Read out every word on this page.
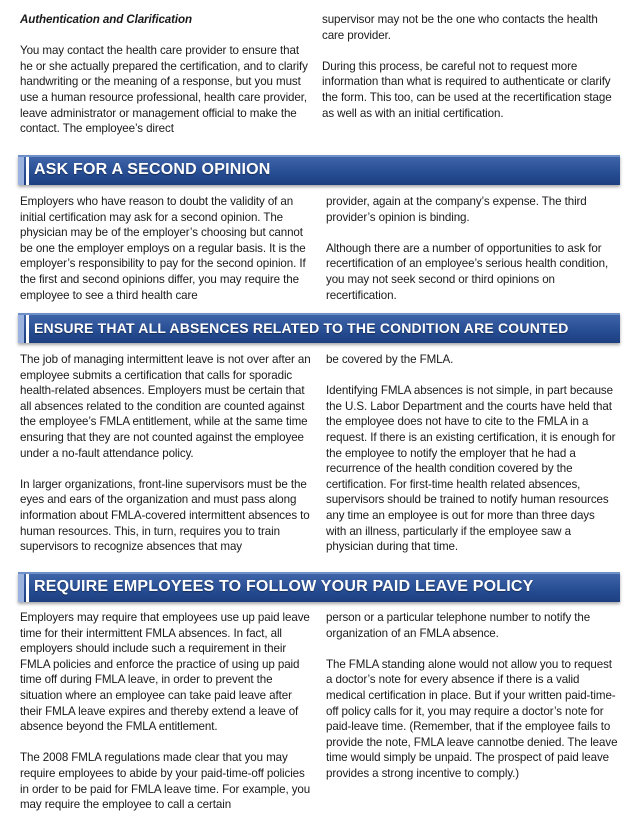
Authentication and Clarification

You may contact the health care provider to ensure that he or she actually prepared the certification, and to clarify handwriting or the meaning of a response, but you must use a human resource professional, health care provider, leave administrator or management official to make the contact. The employee’s direct

supervisor may not be the one who contacts the health care provider.

During this process, be careful not to request more information than what is required to authenticate or clarify the form. This too, can be used at the recertification stage as well as with an initial certification.

ASK FOR A SECOND OPINION

Employers who have reason to doubt the validity of an initial certification may ask for a second opinion. The physician may be of the employer’s choosing but cannot be one the employer employs on a regular basis. It is the employer’s responsibility to pay for the second opinion. If the first and second opinions differ, you may require the employee to see a third health care

provider, again at the company’s expense. The third provider’s opinion is binding.

Although there are a number of opportunities to ask for recertification of an employee’s serious health condition, you may not seek second or third opinions on recertification.

ENSURE THAT ALL ABSENCES RELATED TO THE CONDITION ARE COUNTED

The job of managing intermittent leave is not over after an employee submits a certification that calls for sporadic health-related absences. Employers must be certain that all absences related to the condition are counted against the employee’s FMLA entitlement, while at the same time ensuring that they are not counted against the employee under a no-fault attendance policy.

In larger organizations, front-line supervisors must be the eyes and ears of the organization and must pass along information about FMLA-covered intermittent absences to human resources. This, in turn, requires you to train supervisors to recognize absences that may

be covered by the FMLA.

Identifying FMLA absences is not simple, in part because the U.S. Labor Department and the courts have held that the employee does not have to cite to the FMLA in a request. If there is an existing certification, it is enough for the employee to notify the employer that he had a recurrence of the health condition covered by the certification. For first-time health related absences, supervisors should be trained to notify human resources any time an employee is out for more than three days with an illness, particularly if the employee saw a physician during that time.

REQUIRE EMPLOYEES TO FOLLOW YOUR PAID LEAVE POLICY

Employers may require that employees use up paid leave time for their intermittent FMLA absences. In fact, all employers should include such a requirement in their FMLA policies and enforce the practice of using up paid time off during FMLA leave, in order to prevent the situation where an employee can take paid leave after their FMLA leave expires and thereby extend a leave of absence beyond the FMLA entitlement.

The 2008 FMLA regulations made clear that you may require employees to abide by your paid-time-off policies in order to be paid for FMLA leave time. For example, you may require the employee to call a certain

person or a particular telephone number to notify the organization of an FMLA absence.

The FMLA standing alone would not allow you to request a doctor’s note for every absence if there is a valid medical certification in place. But if your written paid-time-off policy calls for it, you may require a doctor’s note for paid-leave time. (Remember, that if the employee fails to provide the note, FMLA leave cannotbe denied. The leave time would simply be unpaid. The prospect of paid leave provides a strong incentive to comply.)
